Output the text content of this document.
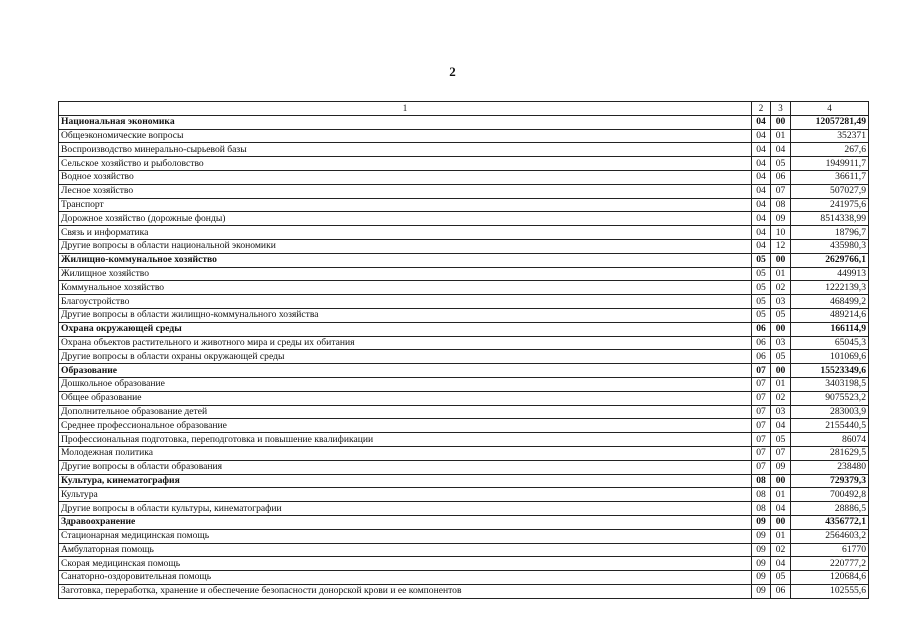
2
1	2	3	4
Национальная экономика	04	00	12057281,49
Общеэкономические вопросы	04	01	352371
Воспроизводство минерально-сырьевой базы	04	04	267,6
Сельское хозяйство и рыболовство	04	05	1949911,7
Водное хозяйство	04	06	36611,7
Лесное хозяйство	04	07	507027,9
Транспорт	04	08	241975,6
Дорожное хозяйство (дорожные фонды)	04	09	8514338,99
Связь и информатика	04	10	18796,7
Другие вопросы в области национальной экономики	04	12	435980,3
Жилищно-коммунальное хозяйство	05	00	2629766,1
Жилищное хозяйство	05	01	449913
Коммунальное хозяйство	05	02	1222139,3
Благоустройство	05	03	468499,2
Другие вопросы в области жилищно-коммунального хозяйства	05	05	489214,6
Охрана окружающей среды	06	00	166114,9
Охрана объектов растительного и животного мира и среды их обитания	06	03	65045,3
Другие вопросы в области охраны окружающей среды	06	05	101069,6
Образование	07	00	15523349,6
Дошкольное образование	07	01	3403198,5
Общее образование	07	02	9075523,2
Дополнительное образование детей	07	03	283003,9
Среднее профессиональное образование	07	04	2155440,5
Профессиональная подготовка, переподготовка и повышение квалификации	07	05	86074
Молодежная политика	07	07	281629,5
Другие вопросы в области образования	07	09	238480
Культура, кинематография	08	00	729379,3
Культура	08	01	700492,8
Другие вопросы в области культуры, кинематографии	08	04	28886,5
Здравоохранение	09	00	4356772,1
Стационарная медицинская помощь	09	01	2564603,2
Амбулаторная помощь	09	02	61770
Скорая медицинская помощь	09	04	220777,2
Санаторно-оздоровительная помощь	09	05	120684,6
Заготовка, переработка, хранение и обеспечение безопасности донорской крови и ее компонентов	09	06	102555,6
